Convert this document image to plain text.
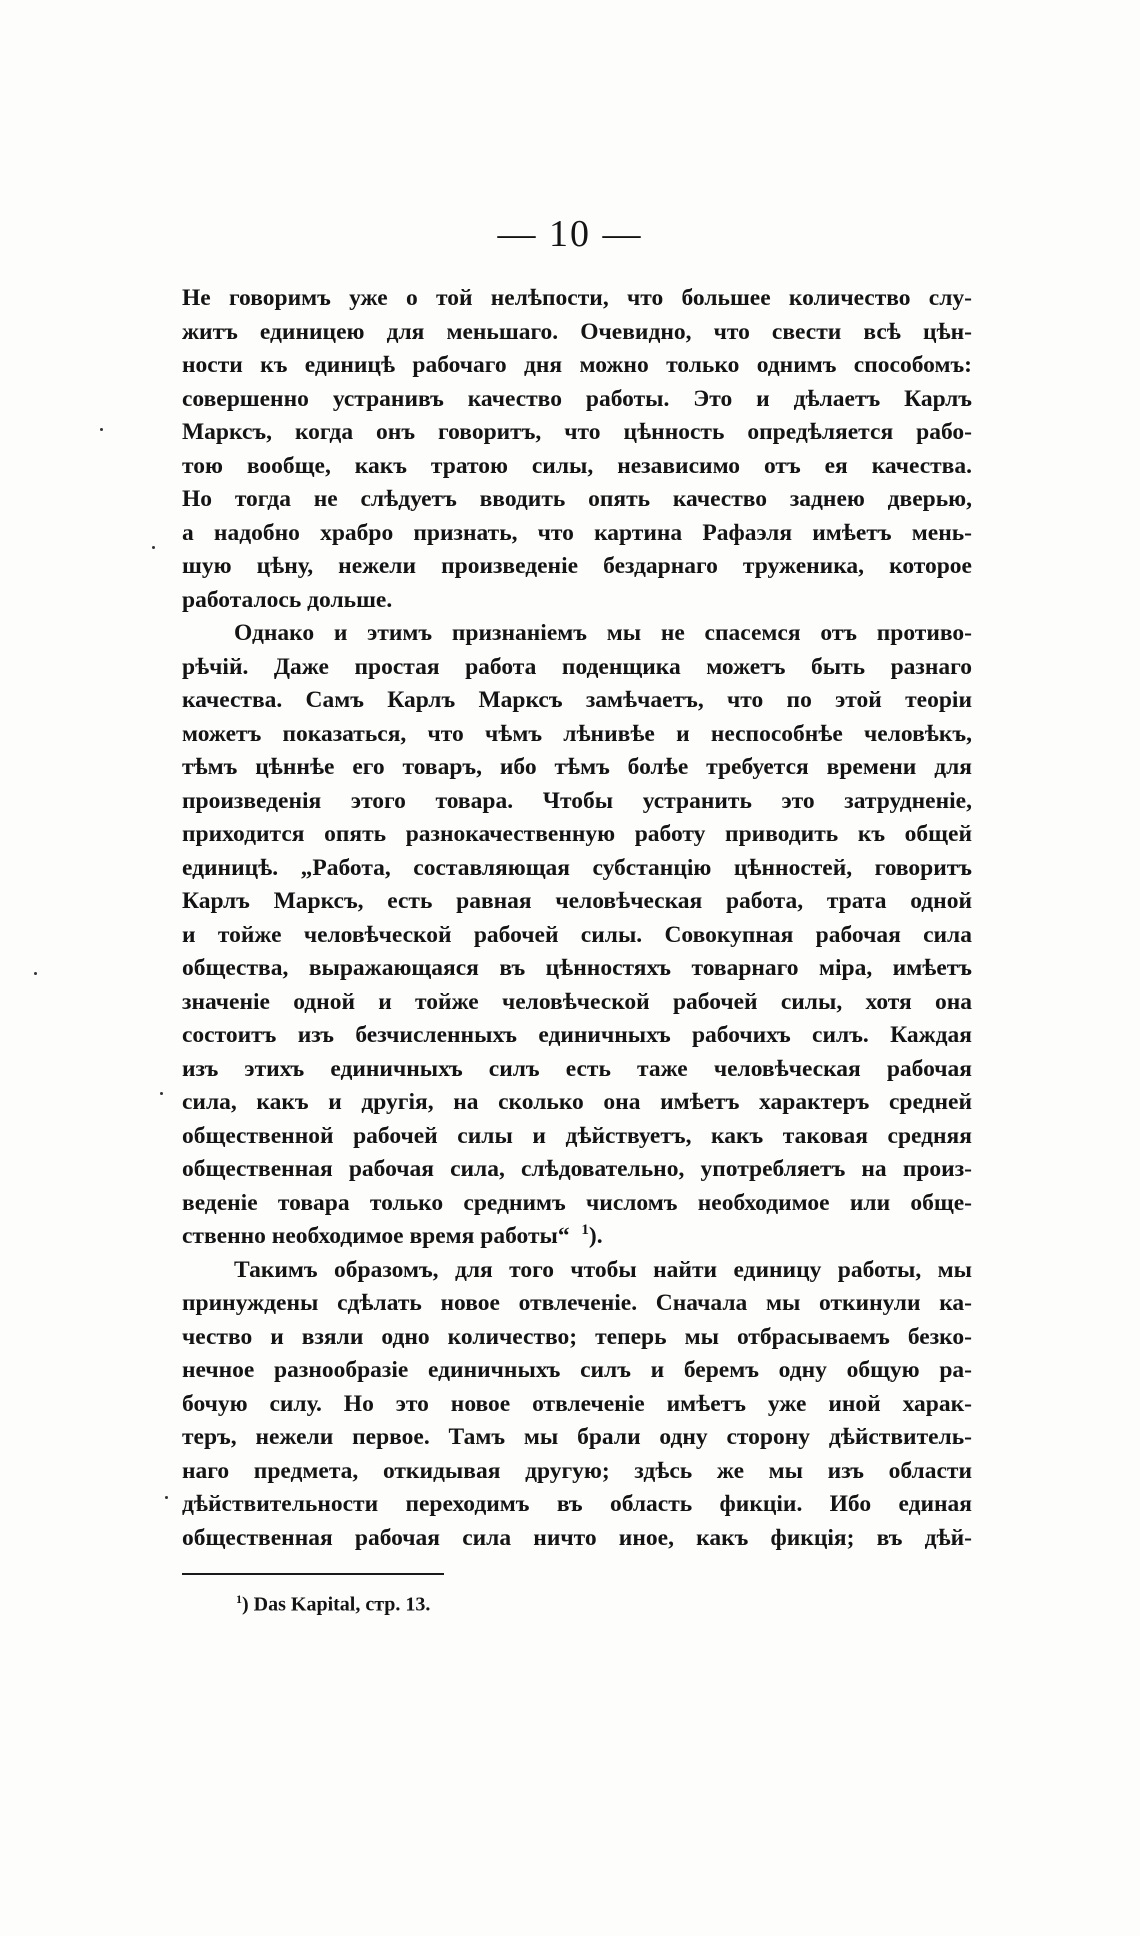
— 10 —
Не говоримъ уже о той нелѣпости, что большее количество слу-
житъ единицею для меньшаго. Очевидно, что свести всѣ цѣн-
ности къ единицѣ рабочаго дня можно только однимъ способомъ:
совершенно устранивъ качество работы. Это и дѣлаетъ Карлъ
Марксъ, когда онъ говоритъ, что цѣнность опредѣляется рабо-
тою вообще, какъ тратою силы, независимо отъ ея качества.
Но тогда не слѣдуетъ вводить опять качество заднею дверью,
а надобно храбро признать, что картина Рафаэля имѣетъ мень-
шую цѣну, нежели произведенiе бездарнаго труженика, которое
работалось дольше.
Однако и этимъ признанiемъ мы не спасемся отъ противо-
рѣчiй. Даже простая работа поденщика можетъ быть разнаго
качества. Самъ Карлъ Марксъ замѣчаетъ, что по этой теорiи
можетъ показаться, что чѣмъ лѣнивѣе и неспособнѣе человѣкъ,
тѣмъ цѣннѣе его товаръ, ибо тѣмъ болѣе требуется времени для
произведенiя этого товара. Чтобы устранить это затрудненiе,
приходится опять разнокачественную работу приводить къ общей
единицѣ. „Работа, составляющая субстанцiю цѣнностей, говоритъ
Карлъ Марксъ, есть равная человѣческая работа, трата одной
и тойже человѣческой рабочей силы. Совокупная рабочая сила
общества, выражающаяся въ цѣнностяхъ товарнаго мiра, имѣетъ
значенiе одной и тойже человѣческой рабочей силы, хотя она
состоитъ изъ безчисленныхъ единичныхъ рабочихъ силъ. Каждая
изъ этихъ единичныхъ силъ есть таже человѣческая рабочая
сила, какъ и другiя, на сколько она имѣетъ характеръ средней
общественной рабочей силы и дѣйствуетъ, какъ таковая средняя
общественная рабочая сила, слѣдовательно, употребляетъ на произ-
веденiе товара только среднимъ числомъ необходимое или обще-
ственно необходимое время работы“ $^1$).
Такимъ образомъ, для того чтобы найти единицу работы, мы
принуждены сдѣлать новое отвлеченiе. Сначала мы откинули ка-
чество и взяли одно количество; теперь мы отбрасываемъ безко-
нечное разнообразiе единичныхъ силъ и беремъ одну общую ра-
бочую силу. Но это новое отвлеченiе имѣетъ уже иной харак-
теръ, нежели первое. Тамъ мы брали одну сторону дѣйствитель-
наго предмета, откидывая другую; здѣсь же мы изъ области
дѣйствительности переходимъ въ область фикцiи. Ибо единая
общественная рабочая сила ничто иное, какъ фикцiя; въ дѣй-
$^1$) Das Kapital, стр. 13.
